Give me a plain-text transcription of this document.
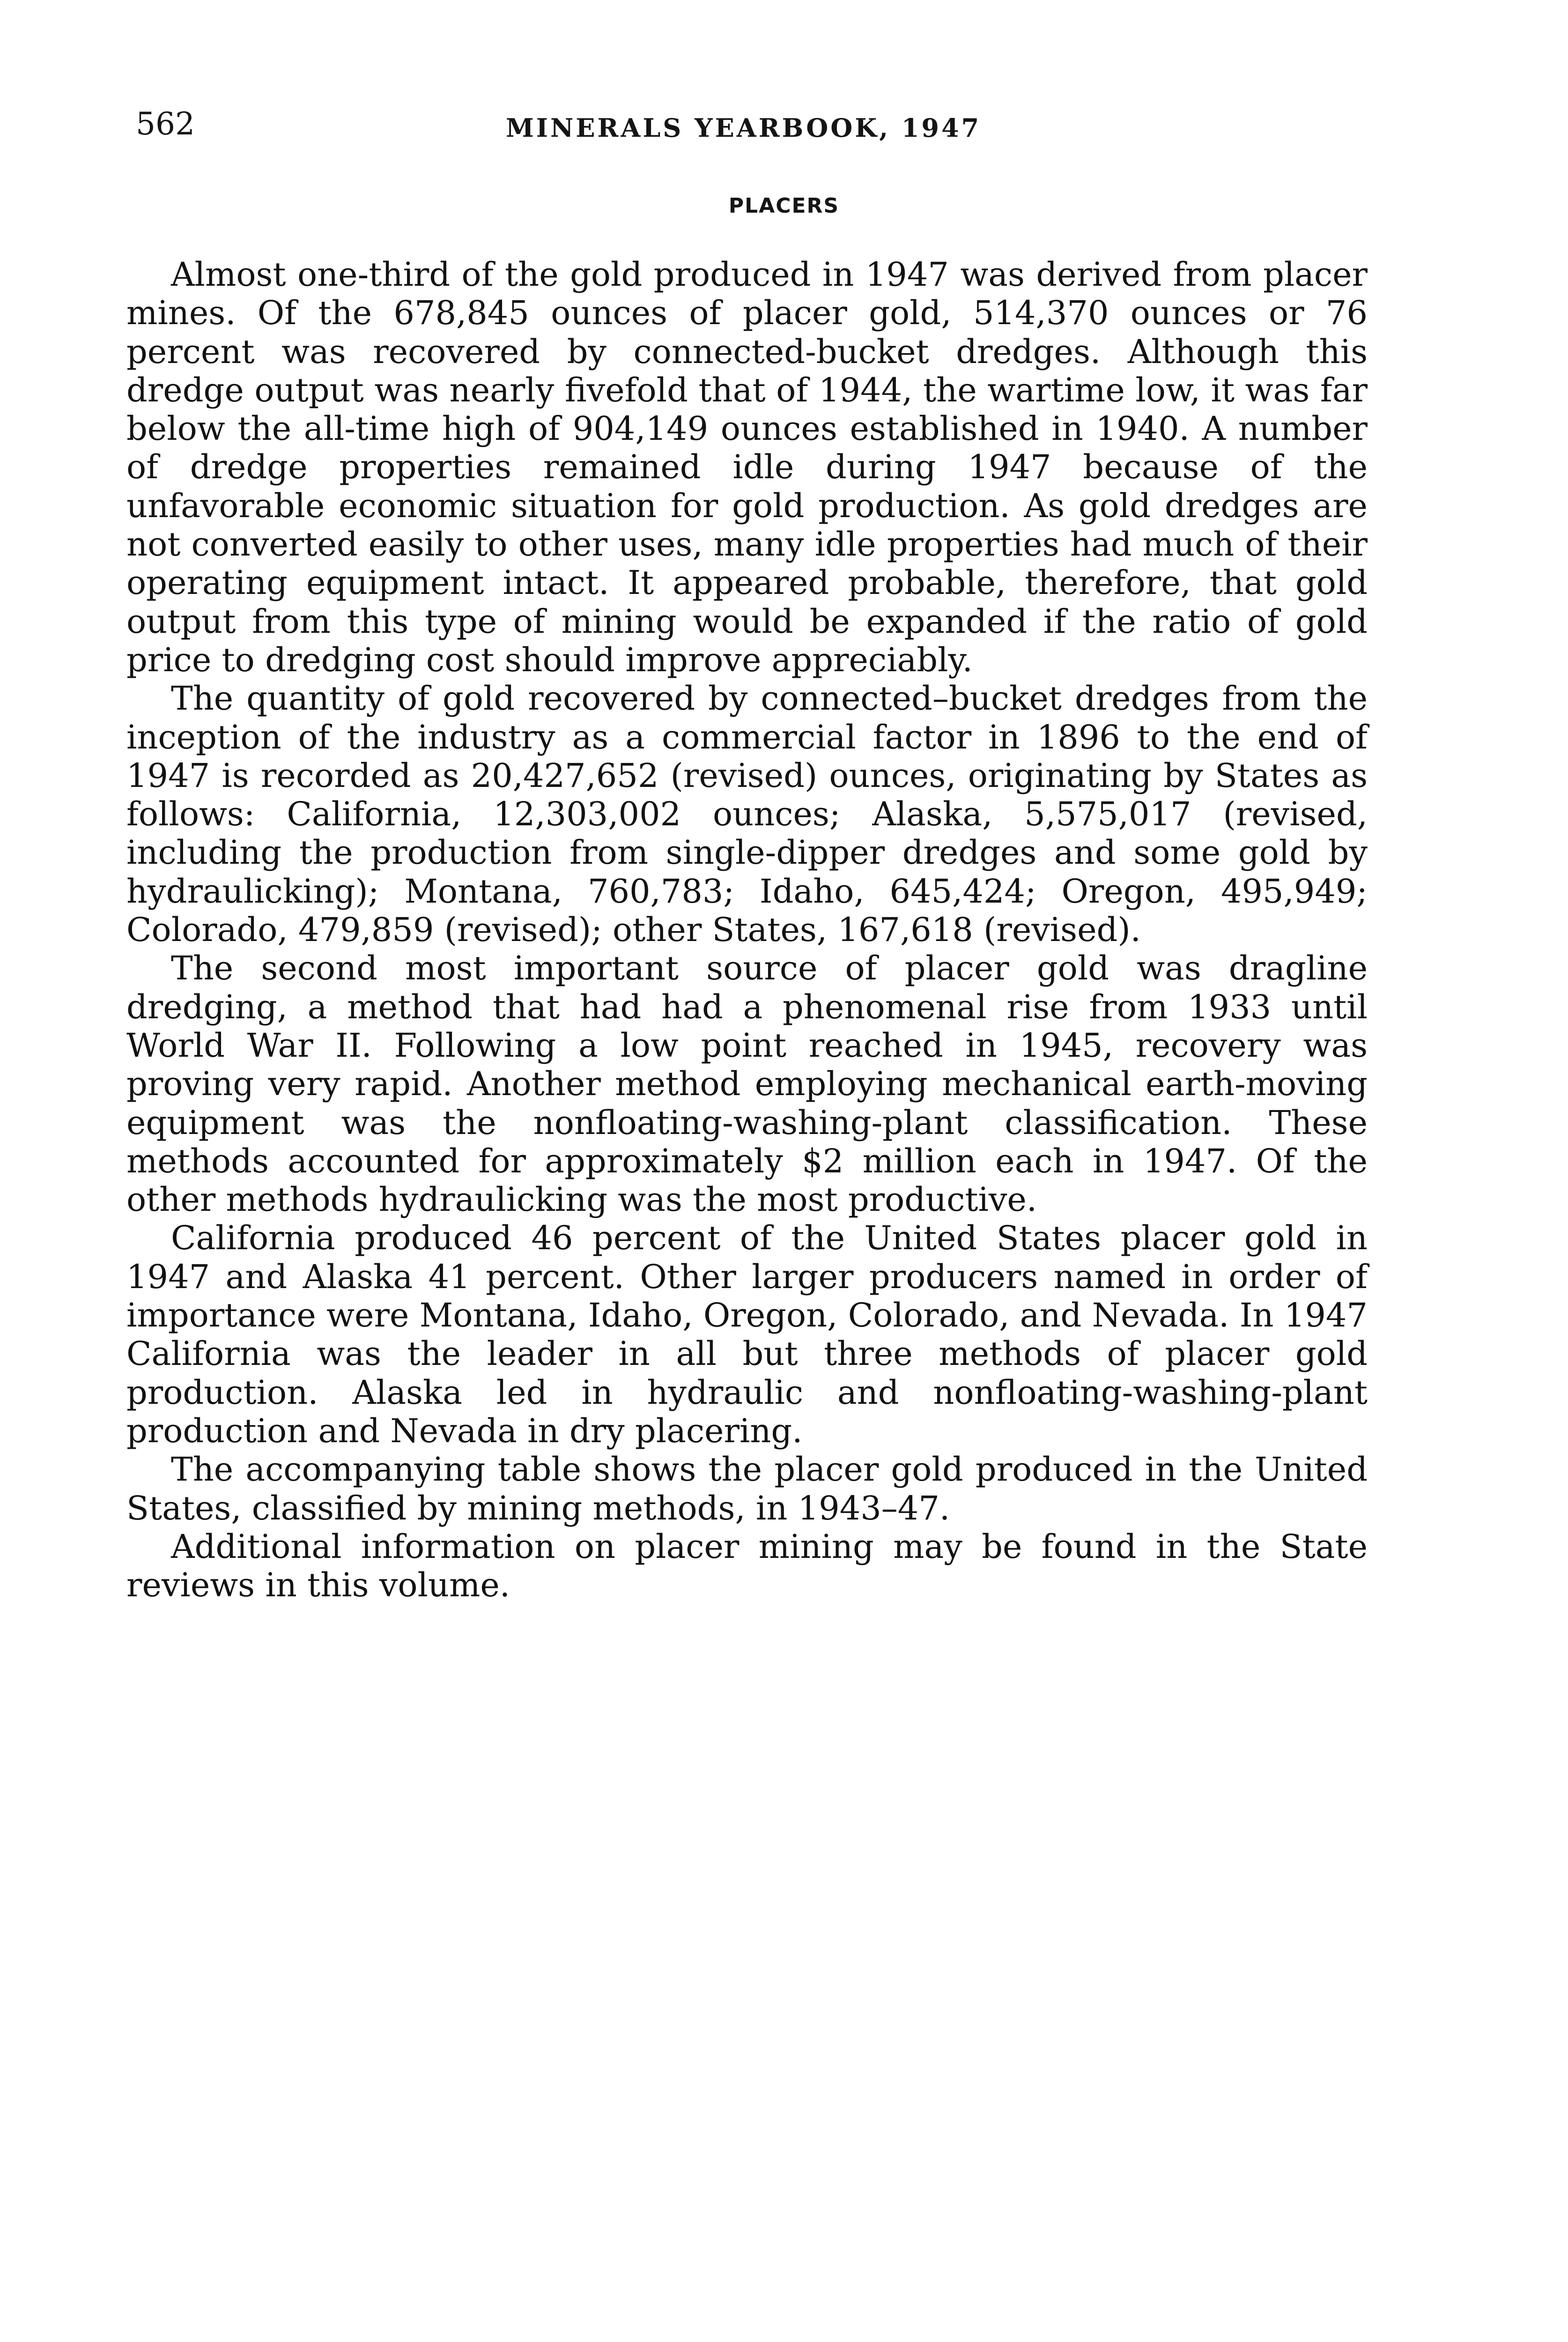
562	MINERALS YEARBOOK, 1947
PLACERS

Almost one-third of the gold produced in 1947 was derived from placer mines. Of the 678,845 ounces of placer gold, 514,370 ounces or 76 percent was recovered by connected-bucket dredges. Although this dredge output was nearly fivefold that of 1944, the wartime low, it was far below the all-time high of 904,149 ounces established in 1940. A number of dredge properties remained idle during 1947 because of the unfavorable economic situation for gold production. As gold dredges are not converted easily to other uses, many idle properties had much of their operating equipment intact. It appeared probable, therefore, that gold output from this type of mining would be expanded if the ratio of gold price to dredging cost should improve appreciably.

The quantity of gold recovered by connected–bucket dredges from the inception of the industry as a commercial factor in 1896 to the end of 1947 is recorded as 20,427,652 (revised) ounces, originating by States as follows: California, 12,303,002 ounces; Alaska, 5,575,017 (revised, including the production from single-dipper dredges and some gold by hydraulicking); Montana, 760,783; Idaho, 645,424; Oregon, 495,949; Colorado, 479,859 (revised); other States, 167,618 (revised).

The second most important source of placer gold was dragline dredging, a method that had had a phenomenal rise from 1933 until World War II. Following a low point reached in 1945, recovery was proving very rapid. Another method employing mechanical earth-moving equipment was the nonfloating-washing-plant classification. These methods accounted for approximately $2 million each in 1947. Of the other methods hydraulicking was the most productive.

California produced 46 percent of the United States placer gold in 1947 and Alaska 41 percent. Other larger producers named in order of importance were Montana, Idaho, Oregon, Colorado, and Nevada. In 1947 California was the leader in all but three methods of placer gold production. Alaska led in hydraulic and nonfloating-washing-plant production and Nevada in dry placering.

The accompanying table shows the placer gold produced in the United States, classified by mining methods, in 1943–47.

Additional information on placer mining may be found in the State reviews in this volume.
